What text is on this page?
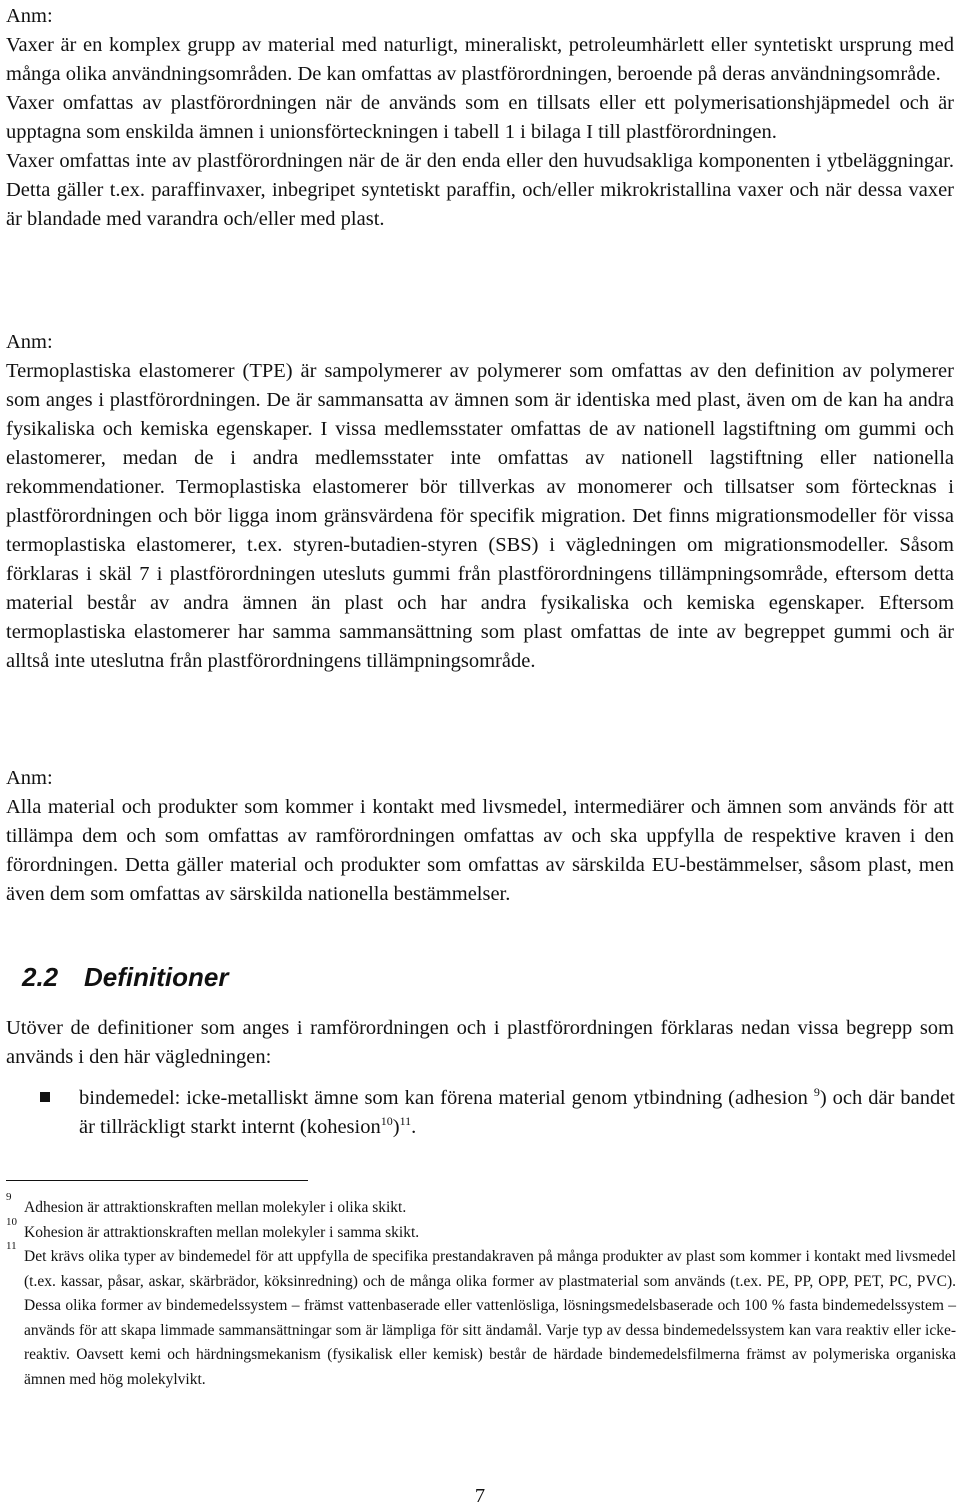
Anm:
Vaxer är en komplex grupp av material med naturligt, mineraliskt, petroleumhärlett eller syntetiskt ursprung med många olika användningsområden. De kan omfattas av plastförordningen, beroende på deras användningsområde.
Vaxer omfattas av plastförordningen när de används som en tillsats eller ett polymerisationshjäpmedel och är upptagna som enskilda ämnen i unionsförteckningen i tabell 1 i bilaga I till plastförordningen.
Vaxer omfattas inte av plastförordningen när de är den enda eller den huvudsakliga komponenten i ytbeläggningar. Detta gäller t.ex. paraffinvaxer, inbegripet syntetiskt paraffin, och/eller mikrokristallina vaxer och när dessa vaxer är blandade med varandra och/eller med plast.
Anm:
Termoplastiska elastomerer (TPE) är sampolymerer av polymerer som omfattas av den definition av polymerer som anges i plastförordningen. De är sammansatta av ämnen som är identiska med plast, även om de kan ha andra fysikaliska och kemiska egenskaper. I vissa medlemsstater omfattas de av nationell lagstiftning om gummi och elastomerer, medan de i andra medlemsstater inte omfattas av nationell lagstiftning eller nationella rekommendationer. Termoplastiska elastomerer bör tillverkas av monomerer och tillsatser som förtecknas i plastförordningen och bör ligga inom gränsvärdena för specifik migration. Det finns migrationsmodeller för vissa termoplastiska elastomerer, t.ex. styren-butadien-styren (SBS) i vägledningen om migrationsmodeller. Såsom förklaras i skäl 7 i plastförordningen utesluts gummi från plastförordningens tillämpningsområde, eftersom detta material består av andra ämnen än plast och har andra fysikaliska och kemiska egenskaper. Eftersom termoplastiska elastomerer har samma sammansättning som plast omfattas de inte av begreppet gummi och är alltså inte uteslutna från plastförordningens tillämpningsområde.
Anm:
Alla material och produkter som kommer i kontakt med livsmedel, intermediärer och ämnen som används för att tillämpa dem och som omfattas av ramförordningen omfattas av och ska uppfylla de respektive kraven i den förordningen. Detta gäller material och produkter som omfattas av särskilda EU-bestämmelser, såsom plast, men även dem som omfattas av särskilda nationella bestämmelser.
2.2 Definitioner
Utöver de definitioner som anges i ramförordningen och i plastförordningen förklaras nedan vissa begrepp som används i den här vägledningen:
bindemedel: icke-metalliskt ämne som kan förena material genom ytbindning (adhesion $^9$) och där bandet är tillräckligt starkt internt (kohesion$^{10}$)$^{11}$.

9
Adhesion är attraktionskraften mellan molekyler i olika skikt.

10
Kohesion är attraktionskraften mellan molekyler i samma skikt.

11
Det krävs olika typer av bindemedel för att uppfylla de specifika prestandakraven på många produkter av plast som kommer i kontakt med livsmedel (t.ex. kassar, påsar, askar, skärbrädor, köksinredning) och de många olika former av plastmaterial som används (t.ex. PE, PP, OPP, PET, PC, PVC). Dessa olika former av bindemedelssystem – främst vattenbaserade eller vattenlösliga, lösningsmedelsbaserade och 100 % fasta bindemedelssystem – används för att skapa limmade sammansättningar som är lämpliga för sitt ändamål. Varje typ av dessa bindemedelssystem kan vara reaktiv eller icke-reaktiv. Oavsett kemi och härdningsmekanism (fysikalisk eller kemisk) består de härdade bindemedelsfilmerna främst av polymeriska organiska ämnen med hög molekylvikt.

7
